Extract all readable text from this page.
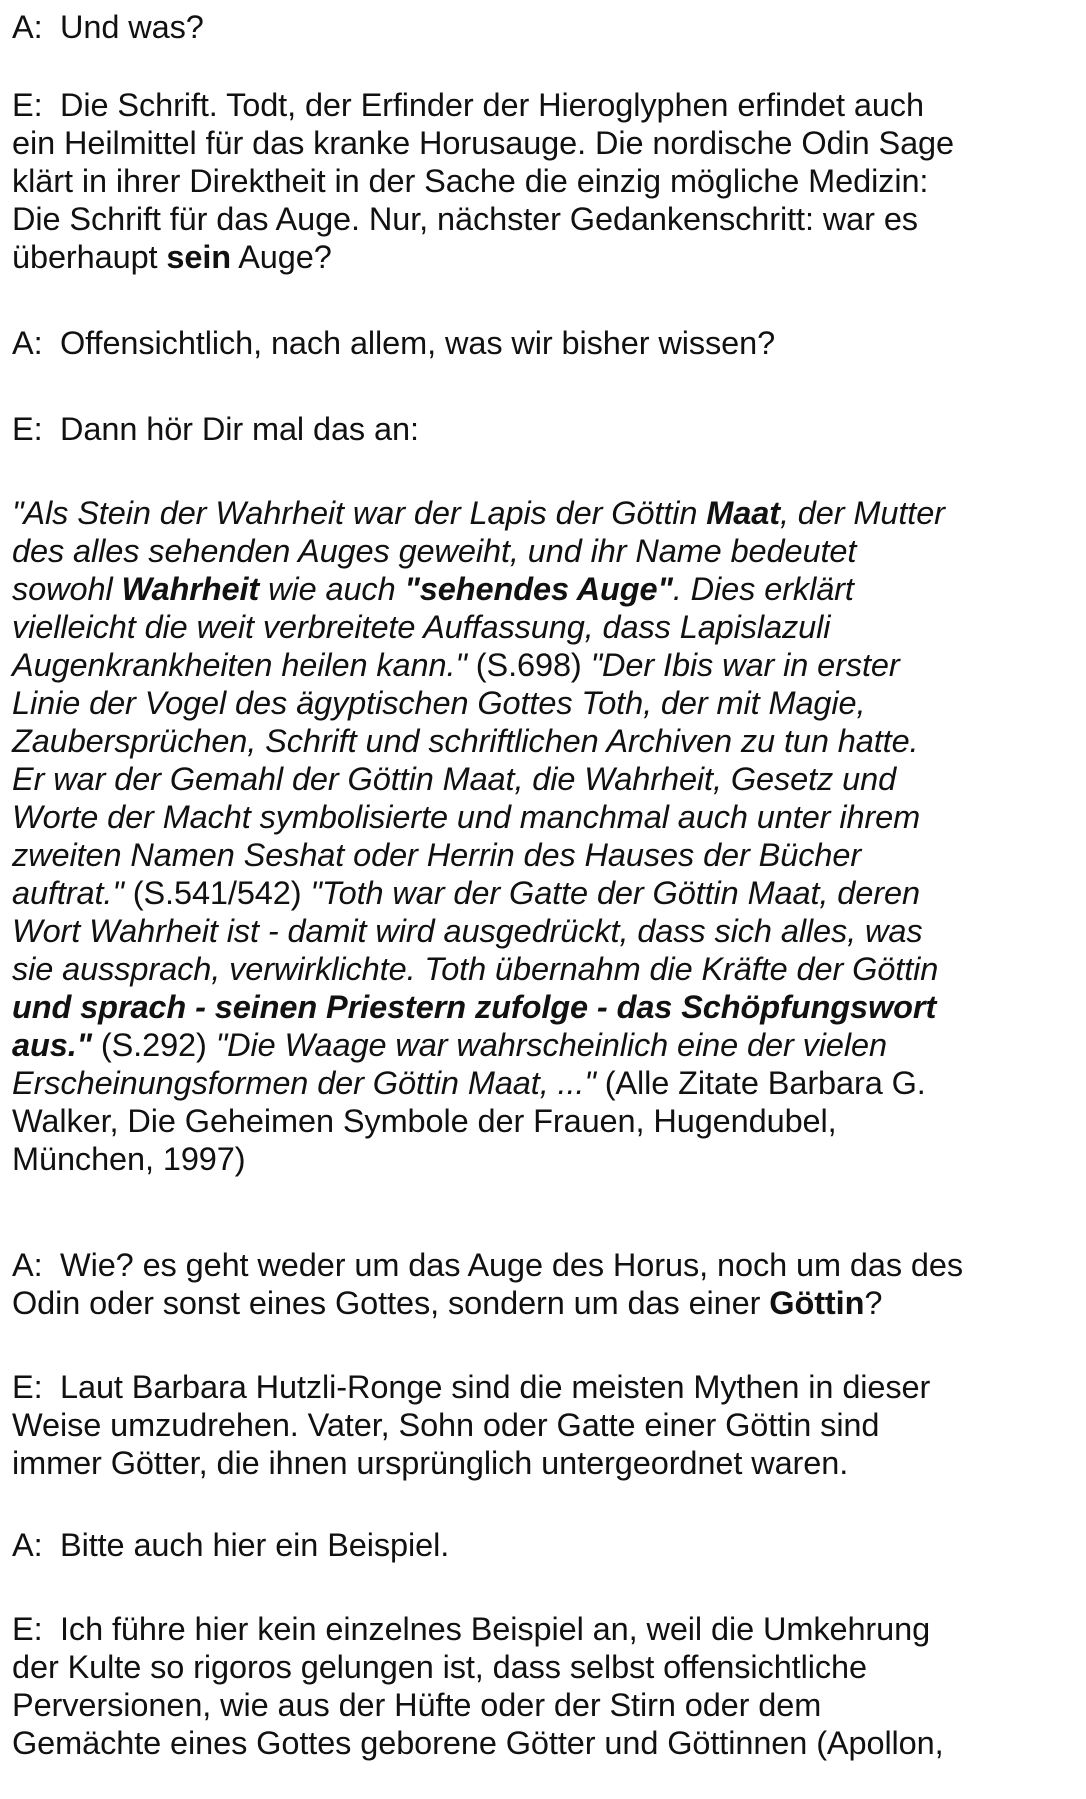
A: Und was?
E: Die Schrift. Todt, der Erfinder der Hieroglyphen erfindet auch
ein Heilmittel für das kranke Horusauge. Die nordische Odin Sage
klärt in ihrer Direktheit in der Sache die einzig mögliche Medizin:
Die Schrift für das Auge. Nur, nächster Gedankenschritt: war es
überhaupt sein Auge?
A: Offensichtlich, nach allem, was wir bisher wissen?
E: Dann hör Dir mal das an:
"Als Stein der Wahrheit war der Lapis der Göttin Maat, der Mutter
des alles sehenden Auges geweiht, und ihr Name bedeutet
sowohl Wahrheit wie auch "sehendes Auge". Dies erklärt
vielleicht die weit verbreitete Auffassung, dass Lapislazuli
Augenkrankheiten heilen kann." (S.698) "Der Ibis war in erster
Linie der Vogel des ägyptischen Gottes Toth, der mit Magie,
Zaubersprüchen, Schrift und schriftlichen Archiven zu tun hatte.
Er war der Gemahl der Göttin Maat, die Wahrheit, Gesetz und
Worte der Macht symbolisierte und manchmal auch unter ihrem
zweiten Namen Seshat oder Herrin des Hauses der Bücher
auftrat." (S.541/542) "Toth war der Gatte der Göttin Maat, deren
Wort Wahrheit ist - damit wird ausgedrückt, dass sich alles, was
sie aussprach, verwirklichte. Toth übernahm die Kräfte der Göttin
und sprach - seinen Priestern zufolge - das Schöpfungswort
aus." (S.292) "Die Waage war wahrscheinlich eine der vielen
Erscheinungsformen der Göttin Maat, ..." (Alle Zitate Barbara G.
Walker, Die Geheimen Symbole der Frauen, Hugendubel,
München, 1997)
A: Wie? es geht weder um das Auge des Horus, noch um das des
Odin oder sonst eines Gottes, sondern um das einer Göttin?
E: Laut Barbara Hutzli-Ronge sind die meisten Mythen in dieser
Weise umzudrehen. Vater, Sohn oder Gatte einer Göttin sind
immer Götter, die ihnen ursprünglich untergeordnet waren.
A: Bitte auch hier ein Beispiel.
E: Ich führe hier kein einzelnes Beispiel an, weil die Umkehrung
der Kulte so rigoros gelungen ist, dass selbst offensichtliche
Perversionen, wie aus der Hüfte oder der Stirn oder dem
Gemächte eines Gottes geborene Götter und Göttinnen (Apollon,
